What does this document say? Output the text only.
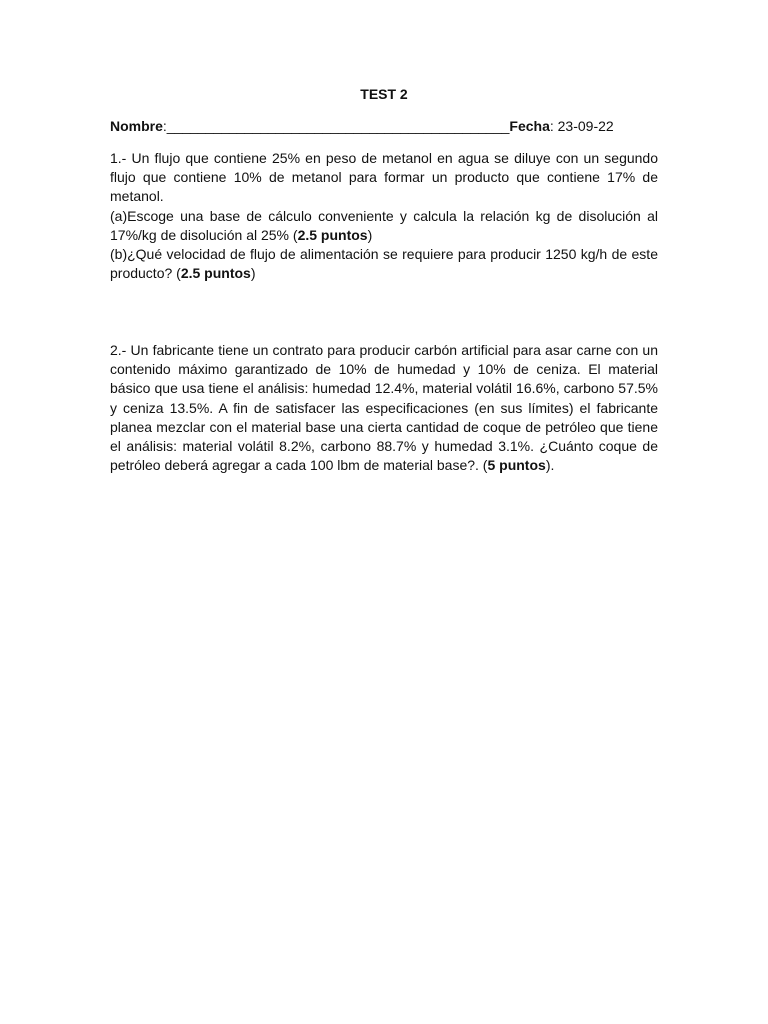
TEST 2
Nombre:____________________________________________Fecha: 23-09-22

1.- Un flujo que contiene 25% en peso de metanol en agua se diluye con un segundo flujo que contiene 10% de metanol para formar un producto que contiene 17% de metanol.

(a)Escoge una base de cálculo conveniente y calcula la relación kg de disolución al 17%/kg de disolución al 25% (2.5 puntos)

(b)¿Qué velocidad de flujo de alimentación se requiere para producir 1250 kg/h de este producto? (2.5 puntos)

2.- Un fabricante tiene un contrato para producir carbón artificial para asar carne con un contenido máximo garantizado de 10% de humedad y 10% de ceniza. El material básico que usa tiene el análisis: humedad 12.4%, material volátil 16.6%, carbono 57.5% y ceniza 13.5%. A fin de satisfacer las especificaciones (en sus límites) el fabricante planea mezclar con el material base una cierta cantidad de coque de petróleo que tiene el análisis: material volátil 8.2%, carbono 88.7% y humedad 3.1%. ¿Cuánto coque de petróleo deberá agregar a cada 100 lbm de material base?. (5 puntos).
